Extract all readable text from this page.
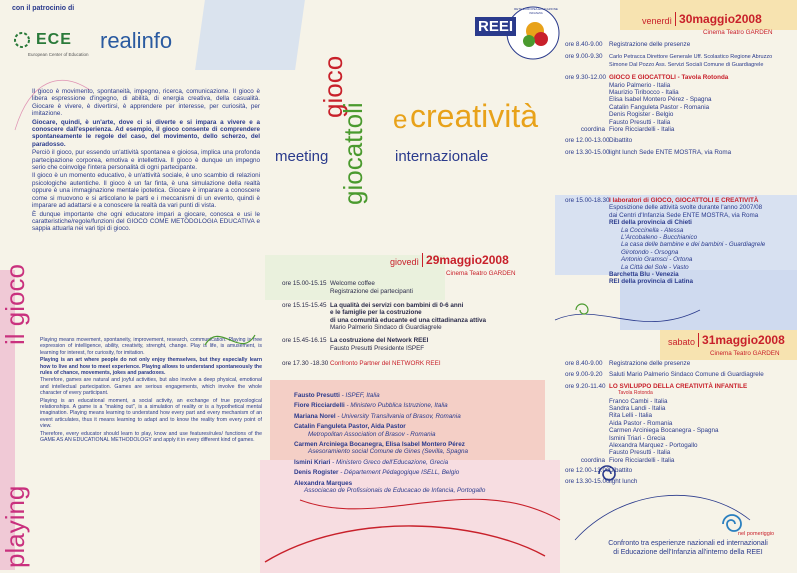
con il patrocinio di
ECE
European Center of Education
realinfo
REEI
RETE EUROPEA EDUCAZIONE INFANZIA
gioco
giocattoli e creatività
meeting	internazionale
il gioco
playing

Il gioco è movimento, spontaneità, impegno, ricerca, comunicazione. Il gioco è libera espressione d'ingegno, di abilità, di energia creativa, della casualità. Giocare è vivere, è divertirsi, è apprendere per interesse, per curiosità, per imitazione.

Giocare, quindi, è un'arte, dove ci si diverte e si impara a vivere e a conoscere dall'esperienza. Ad esempio, il gioco consente di comprendere spontaneamente le regole del caso, del movimento, dello scherzo, del paradosso.

Perciò il gioco, pur essendo un'attività spontanea e gioiosa, implica una profonda partecipazione corporea, emotiva e intellettiva. Il gioco è dunque un impegno serio che coinvolge l'intera personalità di ogni partecipante.

Il gioco è un momento educativo, è un'attività sociale, è uno scambio di relazioni psicologiche autentiche. Il gioco è un far finta, è una simulazione della realtà oppure è una immaginazione mentale ipotetica. Giocare è imparare a conoscere come si muovono e si articolano le parti e i meccanismi di un evento, quindi è imparare ad adattarsi e a conoscere la realtà da vari punti di vista.

È dunque importante che ogni educatore impari a giocare, conosca e usi le caratteristiche/regole/funzioni del GIOCO COME METODOLOGIA EDUCATIVA e sappia attuarla nei vari tipi di gioco.

Playing means movement, spontaneity, improvement, research, communication. Playing is free expression of intelligence, ability, creativity, strenght, change. Play is life, is amusement, is learning for interest, for curiosity, for imitation.

Playing is an art where people do not only enjoy themselves, but they especially learn how to live and how to meet experience. Playing allows to understand spontaneously the rules of chance, movements, jokes and paradoxes.

Therefore, games are natural and joyful activities, but also involve a deep physical, emotional and intellectual partecipation. Games are serious engagements, which involve the whole character of every participant.

Playing is an educational moment, a social activity, an exchange of true psycological relationships. A game is a "making out", is a simulation of reality or is a hypothetical mental imagination. Playing means learning to understand how every part and every mechanism of an event articulates, thus it means learning to adapt and to know the reality from every point of view.

Therefore, every educator should learn to play, know and use features/rules/ functions of the GAME AS AN EDUCATIONAL METHODOLOGY and apply it in every different kind of games.

giovedì 29maggio2008
Cinema Teatro GARDEN
ore 15.00-15.15 Welcome coffee
Registrazione dei partecipanti
ore 15.15-15.45 La qualità dei servizi con bambini di 0-6 anni
e le famiglie per la costruzione
di una comunità educante ed una cittadinanza attiva
Mario Palmerio Sindaco di Guardiagrele
ore 15.45-16.15 La costruzione del Network REEI
Fausto Presutti Presidente ISPEF
ore 17.30 -18.30 Confronto Partner del NETWORK REEI
Fausto Presutti - ISPEF, Italia
Fiore Ricciardelli - Ministero Pubblica Istruzione, Italia
Mariana Norel - University Transilvania of Brasov, Romania
Catalin Fanguleta Pastor, Aida Pastor
Metropolitan Association of Brasov - Romania
Carmen Arciniega Bocanegra, Elisa Isabel Montero Pérez
Asesoramiento social Comune de Gines (Sevilla, Spagna
Ismini Kriari - Ministero Greco dell'Educazione, Grecia
Denis Rogister - Département Pédagogique ISELL, Belgio
Alexandra Marques
Associacao de Profissionais de Educacao de Infancia, Portogallo
venerdì 30maggio2008
Cinema Teatro GARDEN
ore 8.40-9.00 Registrazione delle presenze
ore 9.00-9.30 Carlo Petracca Direttore Generale Uff. Scolastico Regione Abruzzo
Simone Dal Pozzo Ass. Servizi Sociali Comune di Guardiagrele
ore 9.30-12.00 GIOCO E GIOCATTOLI - Tavola Rotonda
Mario Palmerio - Italia
Maurizio Tiribocco - Italia
Elisa Isabel Montero Pérez - Spagna
Catalin Fanguleta Pastor - Romania
Denis Rogister - Belgio
Fausto Presutti - Italia
coordina Fiore Ricciardelli - Italia
ore 12.00-13.00Dibattito
ore 13.30-15.00light lunch Sede ENTE MOSTRA, via Roma
ore 15.00-18.30I laboratori di GIOCO, GIOCATTOLI E CREATIVITÀ
Esposizione delle attività svolte durante l'anno 2007/08
dai Centri d'Infanzia Sede ENTE MOSTRA, via Roma
REI della provincia di Chieti
La Coccinella - Atessa
L'Arcobaleno - Bucchianico
La casa delle bambine e dei bambini - Guardiagrele
Girotondo - Orsogna
Antonio Gramsci - Ortona
La Città del Sole - Vasto
Barchetta Blu - Venezia
REI della provincia di Latina
sabato 31maggio2008
Cinema Teatro GARDEN
ore 8.40-9.00 Registrazione delle presenze
ore 9.00-9.20 Saluti Mario Palmerio Sindaco Comune di Guardiagrele
ore 9.20-11.40 LO SVILUPPO DELLA CREATIVITÀ INFANTILE
Tavola Rotonda
Franco Cambi - Italia
Sandra Landi - Italia
Rita Lelli - Italia
Aida Pastor - Romania
Carmen Arciniega Bocanegra - Spagna
Ismini Triari - Grecia
Alexandra Marquez - Portogallo
Fausto Presutti - Italia
coordina Fiore Ricciardelli - Italia
ore 12.00-13.00Dibattito
ore 13.30-15.00light lunch
nel pomeriggio
Confronto tra esperienze nazionali ed internazionali
di Educazione dell'Infanzia all'interno della REEI
